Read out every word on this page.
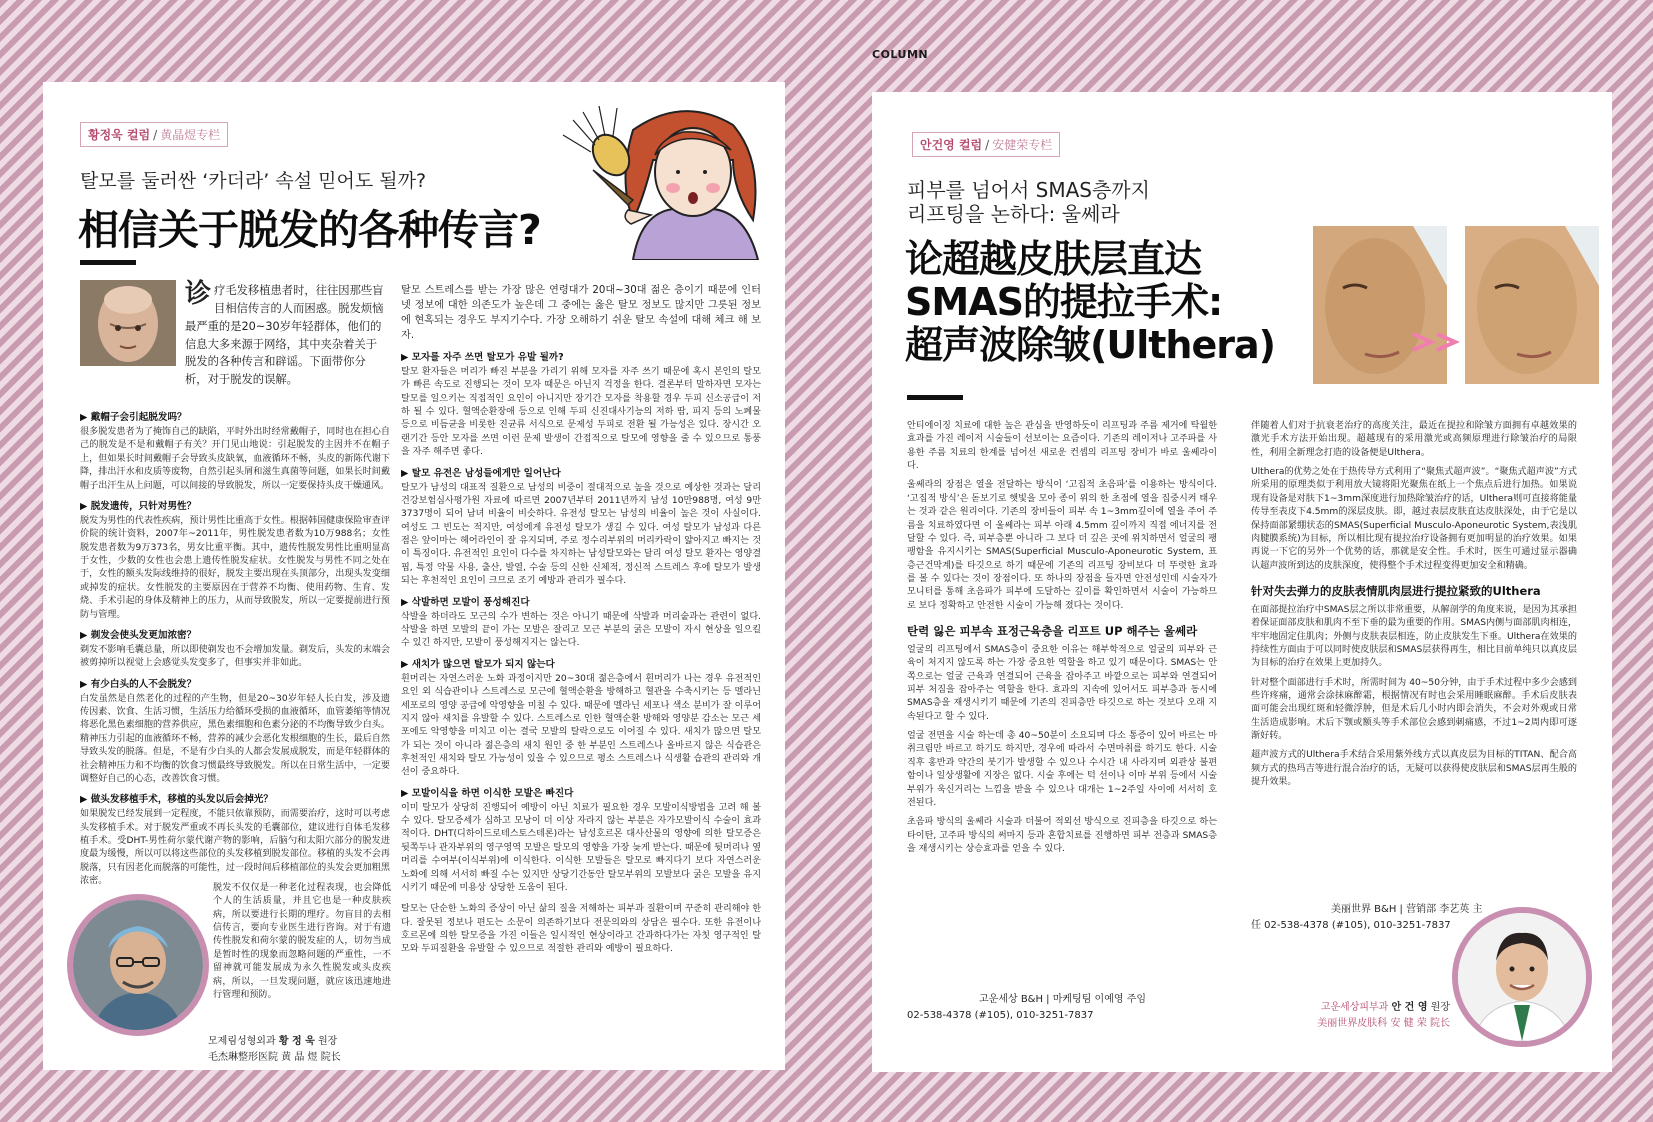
COLUMN
황정욱 컬럼 / 黄晶煜专栏
탈모를 둘러싼 ‘카더라’ 속설 믿어도 될까?
相信关于脱发的各种传言?
诊疗毛发移植患者时，往往因那些盲目相信传言的人而困惑。脱发烦恼最严重的是20~30岁年轻群体，他们的信息大多来源于网络，其中夹杂着关于脱发的各种传言和辟谣。下面带你分析，对于脱发的误解。
▶ 戴帽子会引起脱发吗？

很多脱发患者为了掩饰自己的缺陷，平时外出时经常戴帽子，同时也在担心自己的脱发是不是和戴帽子有关？开门见山地说：引起脱发的主因并不在帽子上，但如果长时间戴帽子会导致头皮缺氧，血液循环不畅，头皮的新陈代谢下降，排出汗水和皮质等废物，自然引起头屑和滋生真菌等问题，如果长时间戴帽子出汗生从上问题，可以间接的导致脱发，所以一定要保持头皮干燥通风。

▶ 脱发遗传，只针对男性？

脱发为男性的代表性疾病，预计男性比重高于女性。根据韩国健康保险审查评价院的统计资料，2007年~2011年，男性脱发患者数为10万988名；女性脱发患者数为9万373名，男女比重平衡。其中，遗传性脱发男性比重明显高于女性，少数的女性也会患上遗传性脱发症状。女性脱发与男性不同之处在于，女性的额头发际线维持的很好，脱发主要出现在头顶部分，出现头发变细或掉发的症状。女性脱发的主要原因在于营养不均衡、使用药物、生育、发烧、手术引起的身体及精神上的压力，从而导致脱发，所以一定要提前进行预防与管理。

▶ 剃发会使头发更加浓密？

剃发不影响毛囊总量，所以即使剃发也不会增加发量。剃发后，头发的末端会被剪掉所以视觉上会感觉头发变多了，但事实并非如此。

▶ 有少白头的人不会脱发？

白发虽然是自然老化的过程的产生物，但是20~30岁年轻人长白发，涉及遗传因素、饮食、生活习惯，生活压力给循环受损的血液循环，血管萎缩等情况将恶化黑色素细胞的营养供应，黑色素细胞和色素分泌的不均衡导致少白头。精神压力引起的血液循环不畅，营养的减少会恶化发根细胞的生长，最后自然导致头发的脱落。但是，不是有少白头的人都会发展成脱发，而是年轻群体的社会精神压力和不均衡的饮食习惯最终导致脱发。所以在日常生活中，一定要调整好自己的心态，改善饮食习惯。

▶ 做头发移植手术，移植的头发以后会掉光？

如果脱发已经发展到一定程度，不能只依靠预防，而需要治疗，这时可以考虑头发移植手术。对于脱发严重或不再长头发的毛囊部位，建议进行自体毛发移植手术。受DHT-男性荷尔蒙代谢产物的影响，后脑勺和太阳穴部分的脱发进度最为缓慢，所以可以将这些部位的头发移植到脱发部位。移植的头发不会再脱落，只有因老化而脱落的可能性，过一段时间后移植部位的头发会更加粗黑浓密。

脱发不仅仅是一种老化过程表现，也会降低个人的生活质量，并且它也是一种皮肤疾病，所以要进行长期的理疗。勿盲目的去相信传言，要向专业医生进行咨询。对于有遗传性脱发和荷尔蒙的脱发症的人，切勿当成是暂时性的现象而忽略问题的严重性，一不留神就可能发展成为永久性脱发或头皮疾病，所以，一旦发现问题，就应该迅速地进行管理和预防。
모제림성형외과 황 정 욱 원장
毛杰琳整形医院 黄 晶 煜 院长

탈모 스트레스를 받는 가장 많은 연령대가 20대~30대 젊은 층이기 때문에 인터넷 정보에 대한 의존도가 높은데 그 중에는 옳은 탈모 정보도 많지만 그릇된 정보에 현혹되는 경우도 부지기수다. 가장 오해하기 쉬운 탈모 속설에 대해 체크 해 보자.

▶ 모자를 자주 쓰면 탈모가 유발 될까?

탈모 환자들은 머리가 빠진 부분을 가리기 위해 모자를 자주 쓰기 때문에 혹시 본인의 탈모가 빠른 속도로 진행되는 것이 모자 때문은 아닌지 걱정을 한다. 결론부터 말하자면 모자는 탈모를 일으키는 직접적인 요인이 아니지만 장기간 모자를 착용할 경우 두피 신소공급이 저하 될 수 있다. 혈액순환장애 등으로 인해 두피 신진대사기능의 저하 땀, 피지 등의 노폐물 등으로 비듬균을 비롯한 진균류 서식으로 문제성 두피로 전환 될 가능성은 있다. 장시간 오랜기간 등안 모자를 쓰면 이런 문제 발생이 간접적으로 탈모에 영향을 줄 수 있으므로 통풍을 자주 해주면 좋다.

▶ 탈모 유전은 남성들에게만 일어난다

탈모가 남성의 대표적 질환으로 남성의 비중이 절대적으로 높을 것으로 예상한 것과는 달리 건강보험심사평가원 자료에 따르면 2007년부터 2011년까지 남성 10만988명, 여성 9만3737명이 되어 남녀 비율이 비슷하다. 유전성 탈모는 남성의 비율이 높은 것이 사실이다. 여성도 그 빈도는 적지만, 여성에게 유전성 탈모가 생길 수 있다. 여성 탈모가 남성과 다른 점은 앞이마는 헤어라인이 잘 유지되며, 주로 정수리부위의 머리카락이 얇아지고 빠지는 것이 특징이다. 유전적인 요인이 다수를 차지하는 남성탈모와는 달리 여성 탈모 환자는 영양결핍, 특정 약물 사용, 출산, 발열, 수술 등의 신한 신체적, 정신적 스트레스 후에 탈모가 발생되는 후천적인 요인이 크므로 조기 예방과 관리가 필수다.

▶ 삭발하면 모발이 풍성해진다

삭발을 하더라도 모근의 수가 변하는 것은 아니기 때문에 삭발과 머리숱과는 관련이 없다. 삭발을 하면 모발의 끝이 가는 모발은 잘리고 모근 부분의 굵은 모발이 자시 현상을 일으킬 수 있긴 하지만, 모발이 풍성해지지는 않는다.

▶ 새치가 많으면 탈모가 되지 않는다

흰머리는 자연스러운 노화 과정이지만 20~30대 젊은층에서 흰머리가 나는 경우 유전적인 요인 외 식습관이나 스트레스로 모근에 혈액순환을 방해하고 혈관을 수축시키는 등 멜라닌 세포로의 영양 공급에 악영향을 미칠 수 있다. 때문에 멜라닌 세포나 색소 분비가 잘 이루어지지 않아 새치를 유발할 수 있다. 스트레스로 인한 혈액순환 방해와 영양분 감소는 모근 세포에도 악영향을 미치고 이는 결국 모발의 탈락으로도 이어질 수 있다. 새치가 많으면 탈모가 되는 것이 아니라 젊은층의 새치 원인 중 한 부분인 스트레스나 올바르지 않은 식습관은 후천적인 새치와 탈모 가능성이 있을 수 있으므로 평소 스트레스나 식생활 습관의 관리와 개선이 중요하다.

▶ 모발이식을 하면 이식한 모발은 빠진다

이미 탈모가 상당히 진행되어 예방이 아닌 치료가 필요한 경우 모발이식방법을 고려 해 볼 수 있다. 탈모증세가 심하고 모낭이 더 이상 자라지 않는 부분은 자가모발이식 수술이 효과적이다. DHT(디하이드로테스토스테론)라는 남성호르몬 대사산물의 영향에 의한 탈모증은 뒷쪽두나 관자부위의 영구영역 모발은 탈모의 영향을 가장 늦게 받는다. 때문에 뒷머리나 옆머리를 수여부(이식부위)에 이식한다. 이식한 모발들은 탈모로 빠지다기 보다 자연스러운 노화에 의해 서서히 빠질 수는 있지만 상당기간동안 탈모부위의 모발보다 굵은 모발을 유지시키기 때문에 미용상 상당한 도움이 된다.

탈모는 단순한 노화의 증상이 아닌 삶의 질을 저해하는 피부과 질환이며 꾸준히 관리해야 한다. 잘못된 정보나 편도는 소문이 의존하기보다 전문의와의 상담은 필수다. 또한 유전이나 호르몬에 의한 탈모증을 가진 이들은 일시적인 현상이라고 간과하다가는 자칫 영구적인 탈모와 두피질환을 유발할 수 있으므로 적절한 관리와 예방이 필요하다.

안건영 컬럼 / 安健荣专栏
피부를 넘어서 SMAS층까지
리프팅을 논하다: 울쎄라
论超越皮肤层直达
SMAS的提拉手术:
超声波除皱(Ulthera)

안티에이징 치료에 대한 높은 관심을 반영하듯이 리프팅과 주름 제거에 탁월한 효과를 가진 레이저 시술들이 선보이는 요즘이다. 기존의 레이저나 고주파를 사용한 주름 치료의 한계를 넘어선 새로운 컨셉의 리프팅 장비가 바로 울쎄라이다.

울쎄라의 장점은 열을 전달하는 방식이 ‘고집적 초음파’를 이용하는 방식이다. ‘고집적 방식’은 돋보기로 햇빛을 모아 종이 위의 한 초점에 열을 집중시켜 태우는 것과 같은 원리이다. 기존의 장비들이 피부 속 1~3mm깊이에 열을 주어 주름을 치료하였다면 이 울쎄라는 피부 아래 4.5mm 깊이까지 직접 에너지를 전달할 수 있다. 즉, 피부층뿐 아니라 그 보다 더 깊은 곳에 위치하면서 얼굴의 팽팽함을 유지시키는 SMAS(Superficial Musculo-Aponeurotic System, 표층근건막계)를 타깃으로 하기 때문에 기존의 리프팅 장비보다 더 뚜렷한 효과를 볼 수 있다는 것이 장점이다. 또 하나의 장점을 들자면 안전성인데 시술자가 모니터를 통해 초음파가 피부에 도달하는 깊이를 확인하면서 시술이 가능하므로 보다 정확하고 안전한 시술이 가능해 졌다는 것이다.

탄력 잃은 피부속 표정근육층을 리프트 UP 해주는 울쎄라

얼굴의 리프팅에서 SMAS층이 중요한 이유는 해부학적으로 얼굴의 피부와 근육이 처지지 않도록 하는 가장 중요한 역할을 하고 있기 때문이다. SMAS는 안쪽으로는 얼굴 근육과 연결되어 근육을 잡아주고 바깥으로는 피부와 연결되어 피부 처짐을 잡아주는 역할을 한다. 효과의 지속에 있어서도 피부층과 동시에 SMAS층을 재생시키기 때문에 기존의 진피층만 타깃으로 하는 것보다 오래 지속된다고 할 수 있다.

얼굴 전면을 시술 하는데 총 40~50분이 소요되며 다소 통증이 있어 바르는 마취크림만 바르고 하기도 하지만, 경우에 따라서 수면마취를 하기도 한다. 시술 직후 홍반과 약간의 붓기가 발생할 수 있으나 수시간 내 사라지며 외관상 불편함이나 일상생활에 지장은 없다. 시술 후에는 턱 선이나 이마 부위 등에서 시술 부위가 욱신거리는 느낌을 받을 수 있으나 대개는 1~2주일 사이에 서서히 호전된다.

초음파 방식의 울쎄라 시술과 더불어 적외선 방식으로 진피층을 타깃으로 하는 타이탄, 고주파 방식의 써마지 등과 혼합치료를 진행하면 피부 전층과 SMAS층을 재생시키는 상승효과를 얻을 수 있다.

고운세상 B&H | 마케팅팀 이예영 주임
02-538-4378 (#105), 010-3251-7837

伴随着人们对于抗衰老治疗的高度关注，最近在提拉和除皱方面拥有卓越效果的激光手术方法开始出现。超越现有的采用激光或高频原理进行除皱治疗的局限性，利用全新理念打造的设备便是Ulthera。

Ulthera的优势之处在于热传导方式利用了“聚焦式超声波”。“聚焦式超声波”方式　　所采用的原理类似于利用放大镜将阳光聚焦在纸上一个焦点后进行加热。如果说现有设备是对肤下1~3mm深度进行加热除皱治疗的话，Ulthera则可直接将能量传导至表皮下4.5mm的深层皮肤。即，越过表层皮肤直达皮肤深处，由于它是以保持面部紧绷状态的SMAS(Superficial Musculo-Aponeurotic System,表浅肌肉腱膜系统)为目标，所以相比现有提拉治疗设备拥有更加明显的治疗效果。如果再说一下它的另外一个优势的话，那就是安全性。手术时，医生可通过显示器确认超声波所到达的皮肤深度，使得整个手术过程变得更加安全和精确。

针对失去弹力的皮肤表情肌肉层进行提拉紧致的Ulthera

在面部提拉治疗中SMAS层之所以非常重要，从解剖学的角度来说，是因为其承担着保证面部皮肤和肌肉不至下垂的最为重要的作用。SMAS内侧与面部肌肉相连，牢牢地固定住肌肉；外侧与皮肤表层相连，防止皮肤发生下垂。Ulthera在效果的持续性方面由于可以同时使皮肤层和SMAS层获得再生，相比目前单纯只以真皮层为目标的治疗在效果上更加持久。

针对整个面部进行手术时，所需时间为 40~50分钟，由于手术过程中多少会感到些许疼痛，通常会涂抹麻醉霜，根据情况有时也会采用睡眠麻醉。手术后皮肤表面可能会出现红斑和轻微浮肿，但是术后几小时内即会消失，不会对外观或日常生活造成影响。术后下颚或额头等手术部位会感到刺痛感，不过1~2周内即可逐渐好转。

超声波方式的Ulthera手术结合采用紫外线方式以真皮层为目标的TITAN、配合高频方式的热玛吉等进行混合治疗的话，无疑可以获得使皮肤层和SMAS层再生般的提升效果。

美丽世界 B&H | 营销部 李艺英 主
任 02-538-4378 (#105), 010-3251-7837
고운세상피부과 안 건 영 원장
美丽世界皮肤科 安 健 荣 院长
